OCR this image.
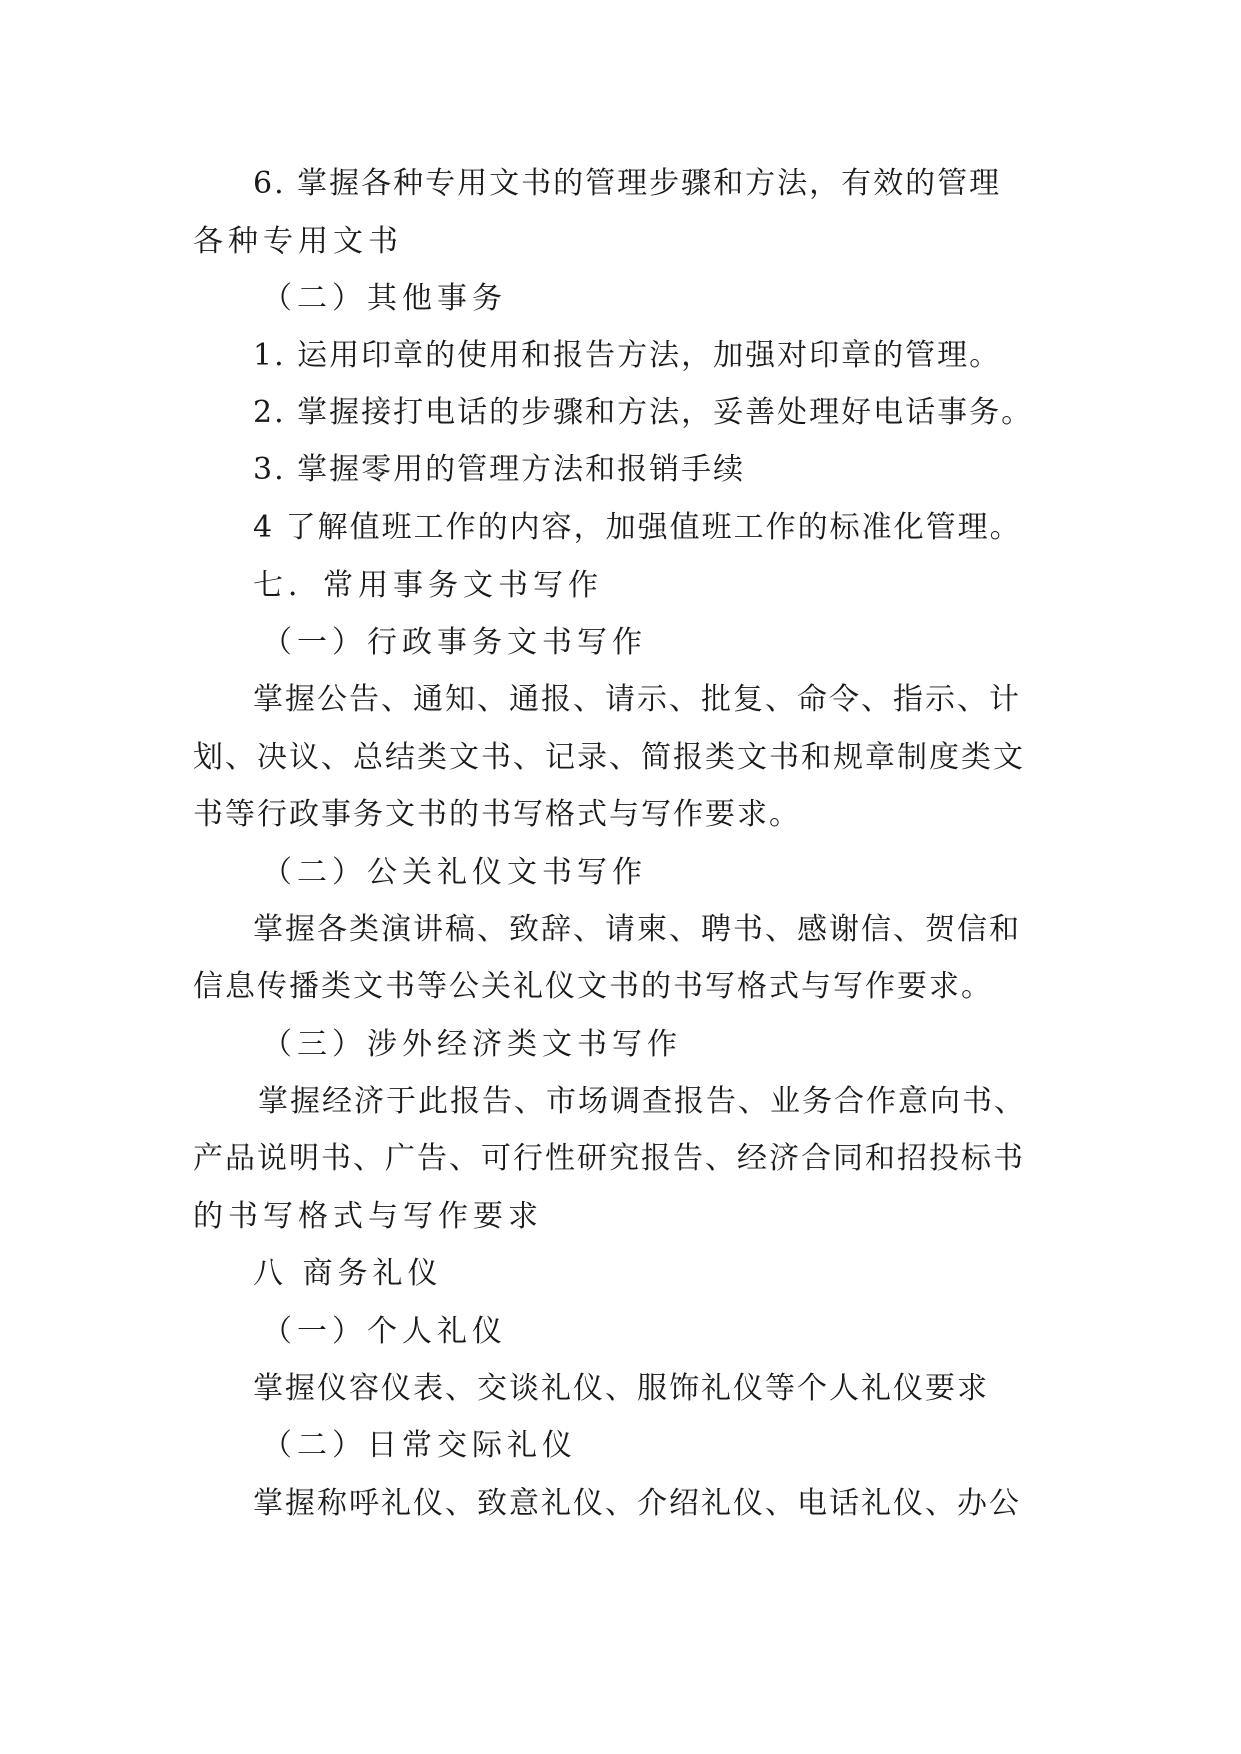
6. 掌握各种专用文书的管理步骤和方法，有效的管理
各种专用文书
（二）其他事务
1. 运用印章的使用和报告方法，加强对印章的管理。
2. 掌握接打电话的步骤和方法，妥善处理好电话事务。
3. 掌握零用的管理方法和报销手续
4 了解值班工作的内容，加强值班工作的标准化管理。
七．常用事务文书写作
（一）行政事务文书写作
掌握公告、通知、通报、请示、批复、命令、指示、计
划、决议、总结类文书、记录、简报类文书和规章制度类文
书等行政事务文书的书写格式与写作要求。
（二）公关礼仪文书写作
掌握各类演讲稿、致辞、请柬、聘书、感谢信、贺信和
信息传播类文书等公关礼仪文书的书写格式与写作要求。
（三）涉外经济类文书写作
掌握经济于此报告、市场调查报告、业务合作意向书、
产品说明书、广告、可行性研究报告、经济合同和招投标书
的书写格式与写作要求
八 商务礼仪
（一）个人礼仪
掌握仪容仪表、交谈礼仪、服饰礼仪等个人礼仪要求
（二）日常交际礼仪
掌握称呼礼仪、致意礼仪、介绍礼仪、电话礼仪、办公
